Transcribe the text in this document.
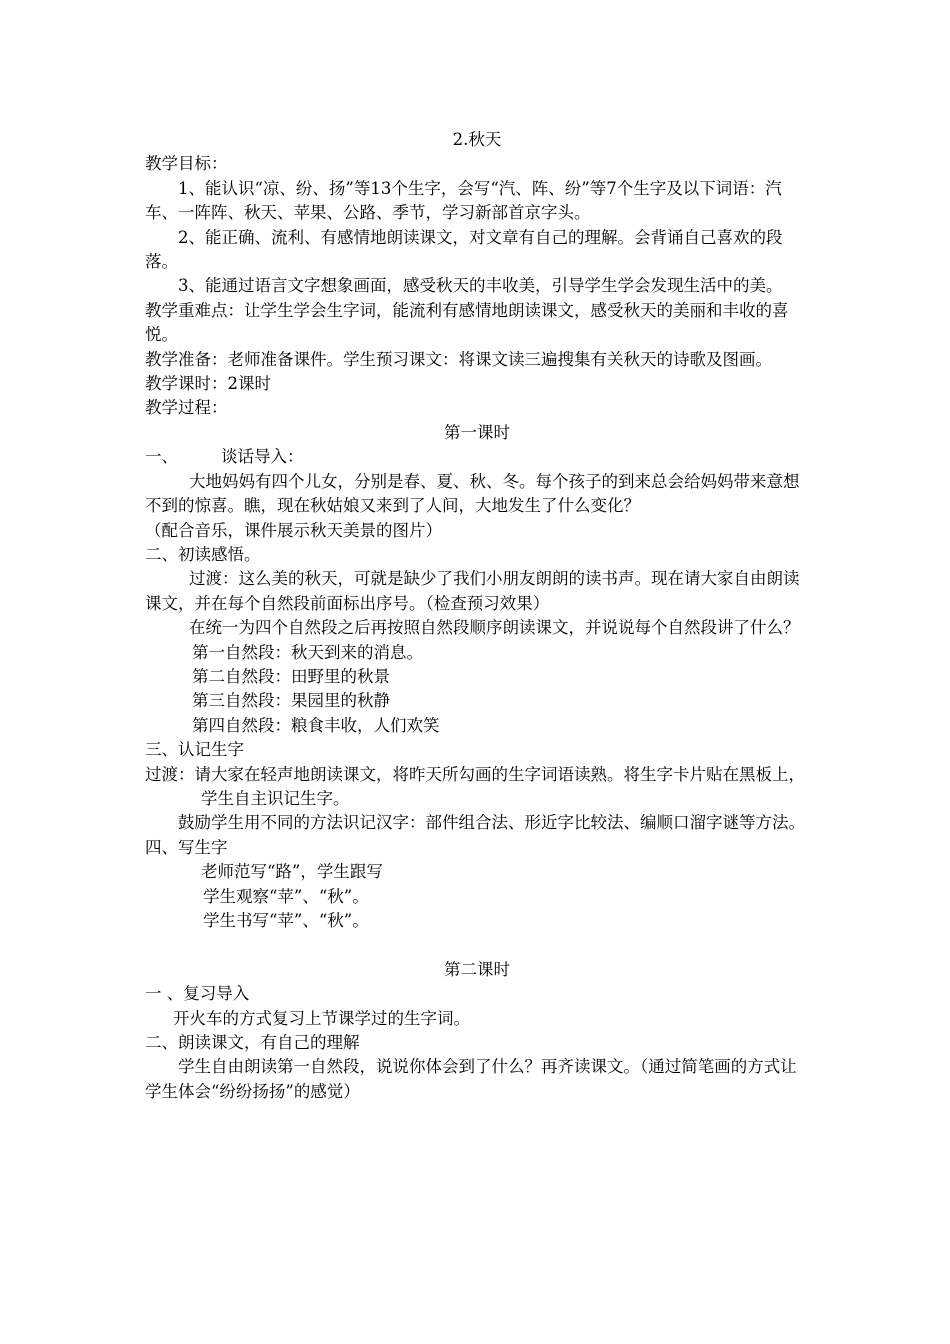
2.秋天

教学目标：

1、能认识“凉、纷、扬”等13个生字，会写“汽、阵、纷”等7个生字及以下词语：汽车、一阵阵、秋天、苹果、公路、季节，学习新部首京字头。

2、能正确、流利、有感情地朗读课文，对文章有自己的理解。会背诵自己喜欢的段落。

3、能通过语言文字想象画面，感受秋天的丰收美，引导学生学会发现生活中的美。

教学重难点：让学生学会生字词，能流利有感情地朗读课文，感受秋天的美丽和丰收的喜悦。

教学准备：老师准备课件。学生预习课文：将课文读三遍搜集有关秋天的诗歌及图画。

教学课时：2课时

教学过程：

第一课时

一、	谈话导入：

大地妈妈有四个儿女，分别是春、夏、秋、冬。每个孩子的到来总会给妈妈带来意想不到的惊喜。瞧，现在秋姑娘又来到了人间，大地发生了什么变化？

（配合音乐，课件展示秋天美景的图片）

二、初读感悟。

过渡：这么美的秋天，可就是缺少了我们小朋友朗朗的读书声。现在请大家自由朗读课文，并在每个自然段前面标出序号。（检查预习效果）

在统一为四个自然段之后再按照自然段顺序朗读课文，并说说每个自然段讲了什么？

第一自然段：秋天到来的消息。

第二自然段：田野里的秋景

第三自然段：果园里的秋静

第四自然段：粮食丰收，人们欢笑

三、认记生字

过渡：请大家在轻声地朗读课文，将昨天所勾画的生字词语读熟。将生字卡片贴在黑板上，学生自主识记生字。

鼓励学生用不同的方法识记汉字：部件组合法、形近字比较法、编顺口溜字谜等方法。

四、写生字

老师范写“路”，学生跟写

学生观察“苹”、“秋”。

学生书写“苹”、“秋”。

第二课时

一 、复习导入

开火车的方式复习上节课学过的生字词。

二、朗读课文，有自己的理解

学生自由朗读第一自然段，说说你体会到了什么？再齐读课文。（通过简笔画的方式让学生体会“纷纷扬扬”的感觉）
